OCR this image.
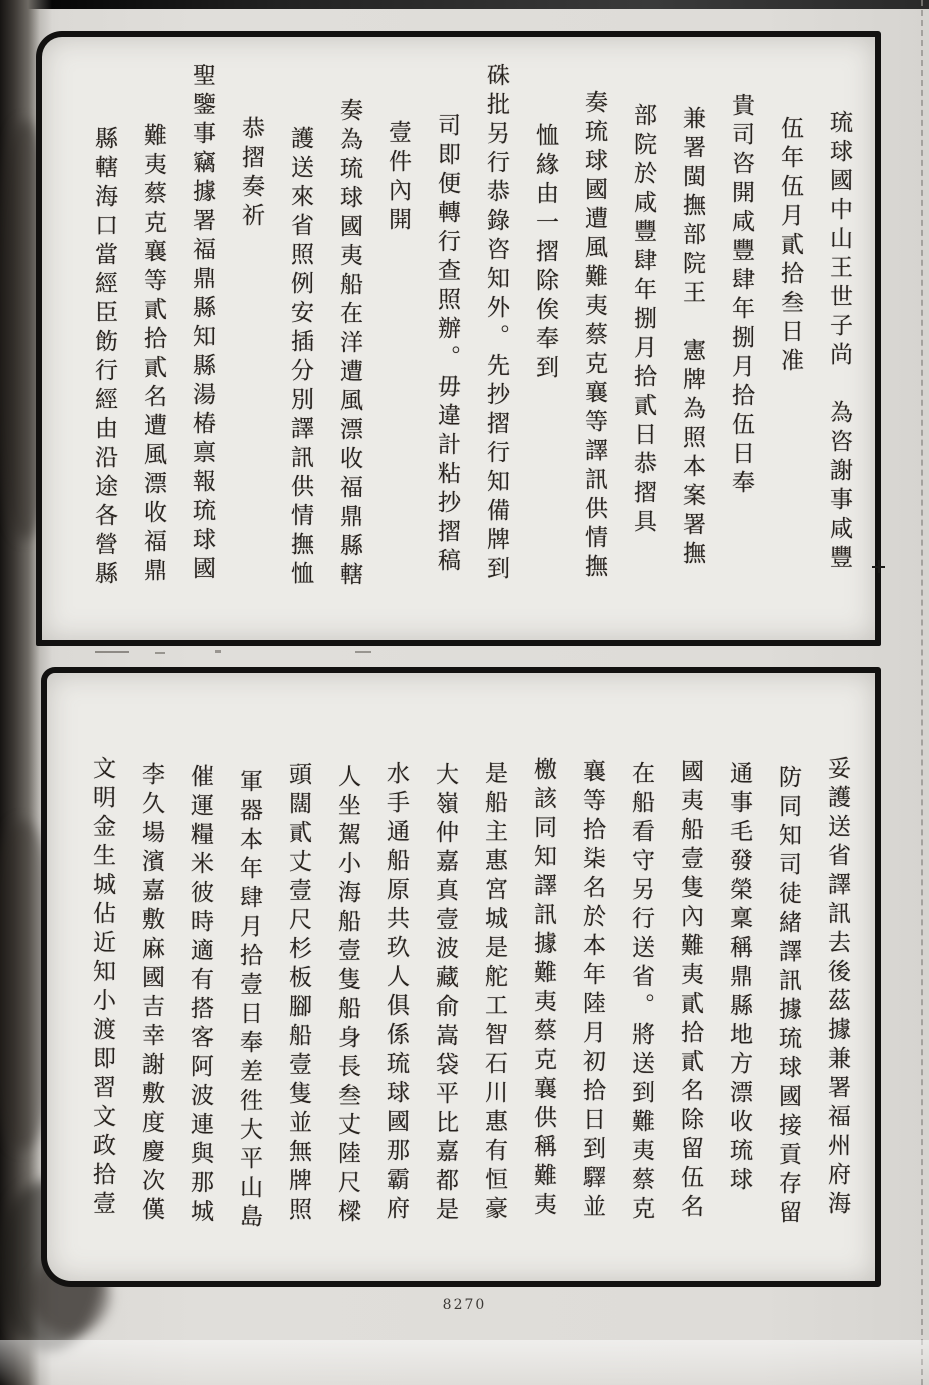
琉球國中山王世子尚　為咨謝事咸豐
伍年伍月貳拾叁日准
貴司咨開咸豐肆年捌月拾伍日奉
兼署閩撫部院王　憲牌為照本案署撫
部院於咸豐肆年捌月拾貳日恭摺具
奏琉球國遭風難夷蔡克襄等譯訊供情撫
恤緣由一摺除俟奉到
硃批另行恭錄咨知外。先抄摺行知備牌到
司即便轉行查照辦。毋違計粘抄摺稿
壹件內開
奏為琉球國夷船在洋遭風漂收福鼎縣轄
護送來省照例安插分別譯訊供情撫恤
恭摺奏祈
聖鑒事竊據署福鼎縣知縣湯椿禀報琉球國
難夷蔡克襄等貳拾貳名遭風漂收福鼎
縣轄海口當經臣飭行經由沿途各營縣
妥護送省譯訊去後茲據兼署福州府海
防同知司徒緒譯訊據琉球國接貢存留
通事毛發榮稟稱鼎縣地方漂收琉球
國夷船壹隻內難夷貳拾貳名除留伍名
在船看守另行送省。將送到難夷蔡克
襄等拾柒名於本年陸月初拾日到驛並
檄該同知譯訊據難夷蔡克襄供稱難夷
是船主惠宮城是舵工智石川惠有恒豪
大嶺仲嘉真壹波藏俞嵩袋平比嘉都是
水手通船原共玖人俱係琉球國那霸府
人坐駕小海船壹隻船身長叁丈陸尺樑
頭闊貳丈壹尺杉板腳船壹隻並無牌照
軍器本年肆月拾壹日奉差徃大平山島
催運糧米彼時適有搭客阿波連與那城
李久場濱嘉敷麻國吉幸謝敷度慶次傼
文明金生城佔近知小渡即習文政拾壹
8270
